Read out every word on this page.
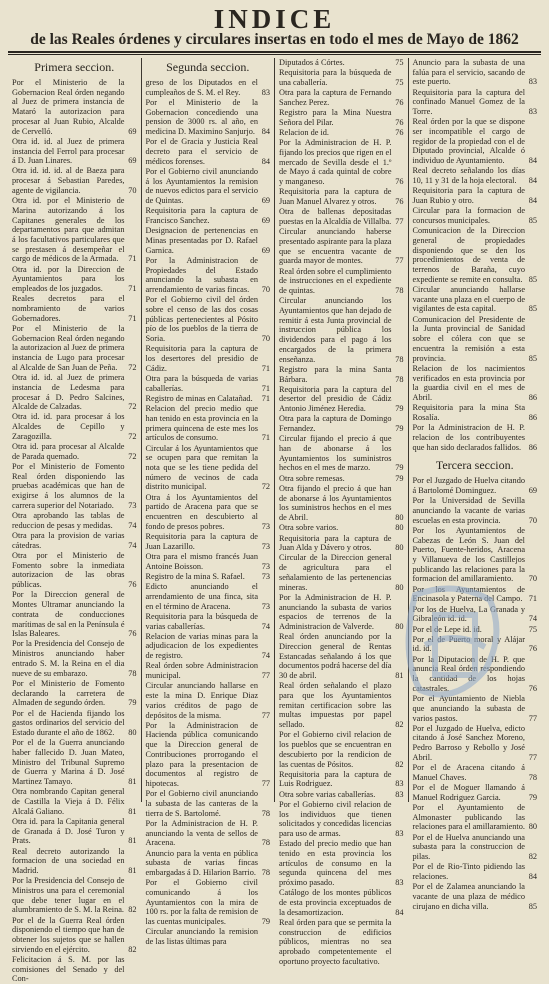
INDICE
de las Reales órdenes y circulares insertas en todo el mes de Mayo de 1862
Primera seccion.
Por el Ministerio de la Gobernacion Real órden negando al Juez de primera instancia de Mataró la autorizacion para procesar al Juan Rubio, Alcalde de Cervelló.	69
Otra id. id. al Juez de primera instancia del Ferrol para procesar á D. Juan Linares.	69
Otra id. id. id. al de Baeza para procesar á Sebastian Paredes, agente de vigilancia.	70
Otra id. por el Ministerio de Marina autorizando á los Capitanes generales de los departamentos para que admitan á los facultativos particulares que se prestasen á desempeñar el cargo de médicos de la Armada.	71
Otra id. por la Direccion de Ayuntamientos para los empleados de los juzgados.	71
Reales decretos para el nombramiento de varios Gobernadores.	71
Por el Ministerio de la Gobernacion Real órden negando la autorizacion al Juez de primera instancia de Lugo para procesar al Alcalde de San Juan de Peña.	72
Otra id. id. al Juez de primera instancia de Ledesma para procesar á D. Pedro Salcines, Alcalde de Calzadas.	72
Otra id. id. para procesar á los Alcaldes de Cepillo y Zaragozilla.	72
Otra id. para procesar al Alcalde de Parada quemado.	72
Por el Ministerio de Fomento Real órden disponiendo las pruebas académicas que han de exigirse á los alumnos de la carrera superior del Notariado.	73
Otra aprobando las tablas de reduccion de pesas y medidas.	74
Otra para la provision de varias cátedras.	74
Otra por el Ministerio de Fomento sobre la inmediata autorizacion de las obras públicas.	76
Por la Direccion general de Montes Ultramar anunciando la contrata de conducciones marítimas de sal en la Península é Islas Baleares.	76
Por la Presidencia del Consejo de Ministros anunciando haber entrado S. M. la Reina en el dia nueve de su embarazo.	78
Por el Ministerio de Fomento declarando la carretera de Almaden de segundo órden.	79
Por el de Hacienda fijando los gastos ordinarios del servicio del Estado durante el año de 1862.	80
Por el de la Guerra anunciando haber fallecido D. Juan Mateo, Ministro del Tribunal Supremo de Guerra y Marina á D. José Martinez Tamayo.	81
Otra nombrando Capitan general de Castilla la Vieja á D. Félix Alcalá Galiano.	81
Otra id. para la Capitania general de Granada á D. José Turon y Prats.	81
Real decreto autorizando la formacion de una sociedad en Madrid.	81
Por la Presidencia del Consejo de Ministros una para el ceremonial que debe tener lugar en el alumbramiento de S. M. la Reina. 82
Por el de la Guerra Real órden disponiendo el tiempo que han de obtener los sujetos que se hallen sirviendo en el ejército.	82
Felicitacion á S. M. por las comisiones del Senado y del Con-
Segunda seccion.
greso de los Diputados en el cumpleaños de S. M. el Rey.	83
Por el Ministerio de la Gobernacion concediendo una pension de 3000 rs. al año, en medicina D. Maximino Sanjurjo. 84
Por el de Gracia y Justicia Real decreto para el servicio de médicos forenses.	84
Por el Gobierno civil anunciando á los Ayuntamientos la remision de nuevos edictos para el servicio de Quintas.	69
Requisitoria para la captura de Francisco Sanchez.	69
Designacion de pertenencias en Minas presentadas por D. Rafael Garnica.	69
Por la Administracion de Propiedades del Estado anunciando la subasta en arrendamiento de varias fincas.	70
Por el Gobierno civil del órden sobre el censo de las dos cosas públicas pertenecientes al Pósito pío de los pueblos de la tierra de Soria.	70
Requisitoria para la captura de los desertores del presidio de Cádiz.	71
Otra para la búsqueda de varias caballerías.	71
Registro de minas en Calatañad.	71
Relacion del precio medio que han tenido en esta provincia en la primera quincena de este mes los artículos de consumo.	71
Circular á los Ayuntamientos que se ocupen para que remitan la nota que se les tiene pedida del número de vecinos de cada distrito municipal.	72
Otra á los Ayuntamientos del partido de Aracena para que se encuentren en descubierto al fondo de presos pobres.	73
Requisitoria para la captura de Juan Lazarillo.	73
Otra para el mismo francés Juan Antoine Boisson.	73
Registro de la mina S. Rafael.	73
Edicto anunciando el arrendamiento de una finca, sita en el término de Aracena.	73
Requisitoria para la búsqueda de varias caballerías.	74
Relacion de varias minas para la adjudicacion de los expedientes de registro.	74
Real órden sobre Administracion municipal.	77
Circular anunciando hallarse en este la mina D. Enrique Diaz varios créditos de pago de depósitos de la misma.	77
Por la Administracion de Hacienda pública comunicando que la Direccion general de Contribuciones prorrogando el plazo para la presentacion de documentos al registro de hipotecas.	77
Por el Gobierno civil anunciando la subasta de las canteras de la tierra de S. Bartolomé.	78
Por la Administracion de H. P. anunciando la venta de sellos de Aracena.	78
Anuncio para la venta en pública subasta de varias fincas embargadas á D. Hilarion Barrio. 78
Por el Gobierno civil comunicando á los Ayuntamientos con la mira de 100 rs. por la falta de remision de las cuentas municipales.	79
Circular anunciando la remision de las listas últimas para
Diputados á Córtes.	75
Requisitoria para la búsqueda de una caballería.	75
Otra para la captura de Fernando Sanchez Perez.	76
Registro para la Mina Nuestra Señora del Pilar.	76
Relacion de id.	76
Por la Administracion de H. P. fijando los precios que rigen en el mercado de Sevilla desde el 1.º de Mayo á cada quintal de cobre y manganeso.	76
Requisitoria para la captura de Juan Manuel Alvarez y otros.	76
Otra de ballenas depositadas puestas en la Alcaldía de Villalba. 77
Circular anunciando haberse presentado aspirante para la plaza que se encuentra vacante de guarda mayor de montes.	77
Real órden sobre el cumplimiento de instrucciones en el expediente de quintas.	78
Circular anunciando los Ayuntamientos que han dejado de remitir á esta Junta provincial de instruccion pública los dividendos para el pago á los encargados de la primera enseñanza.	78
Registro para la mina Santa Bárbara.	78
Requisitoria para la captura del desertor del presidio de Cádiz Antonio Jiménez Heredia.	79
Otra para la captura de Domingo Fernandez.	79
Circular fijando el precio á que han de abonarse á los Ayuntamientos los suministros hechos en el mes de marzo.	79
Otra sobre remesas.	79
Otra fijando el precio á que han de abonarse á los Ayuntamientos los suministros hechos en el mes de Abril.	80
Otra sobre varios.	80
Requisitoria para la captura de Juan Alda y Dávero y otros.	80
Circular de la Direccion general de agricultura para el señalamiento de las pertenencias mineras.	80
Por la Administracion de H. P. anunciando la subasta de varios espacios de terrenos de la Administracion de Valverde.	80
Real órden anunciando por la Direccion general de Rentas Estancadas señalando á los que documentos podrá hacerse del día 30 de abril.	81
Real órden señalando el plazo para que los Ayuntamientos remitan certificacion sobre las multas impuestas por papel sellado.	82
Por el Gobierno civil relacion de los pueblos que se encuentran en descubierto por la rendicion de las cuentas de Pósitos.	82
Requisitoria para la captura de Luis Rodriguez.	83
Otra sobre varias caballerías.	83
Por el Gobierno civil relacion de los individuos que tienen solicitados y concedidas licencias para uso de armas.	83
Estado del precio medio que han tenido en esta provincia los artículos de consumo en la segunda quincena del mes próximo pasado.	83
Catálogo de los montes públicos de esta provincia exceptuados de la desamortizacion.	84
Real órden para que se permita la construccion de edificios públicos, mientras no sea aprobado competentemente el oportuno proyecto facultativo.
Anuncio para la subasta de una falúa para el servicio, sacando de este puerto.	83
Requisitoria para la captura del confinado Manuel Gomez de la Torre.	83
Real órden por la que se dispone ser incompatible el cargo de regidor de la propiedad con el de Diputado provincial, Alcalde ó individuo de Ayuntamiento.	84
Real decreto señalando los días 10, 11 y 31 de la hoja electoral.	84
Requisitoria para la captura de Juan Rubio y otro.	84
Circular para la formacion de concursos municipales.	85
Comunicacion de la Direccion general de propiedades disponiendo que se den los procedimientos de venta de terrenos de Baraña, cuyo expediente se remite en consulta. 85
Circular anunciando hallarse vacante una plaza en el cuerpo de vigilantes de esta capital.	85
Comunicacion del Presidente de la Junta provincial de Sanidad sobre el cólera con que se encuentra la remisión a esta provincia.	85
Relacion de los nacimientos verificados en esta provincia por la guardia civil en el mes de Abril.	86
Requisitoria para la mina Sta Rosalía.	86
Por la Administracion de H. P. relacion de los contribuyentes que han sido declarados fallidos. 86
Tercera seccion.
Por el Juzgado de Huelva citando á Bartolomé Dominguez.	69
Por la Universidad de Sevilla anunciando la vacante de varias escuelas en esta provincia.	70
Por los Ayuntamientos de Cabezas de León S. Juan del Puerto, Fuente-heridos, Aracena y Villanueva de los Castillejos publicando las relaciones para la formacion del amillaramiento.	70
Por los Ayuntamientos de Encinasola y Paterna del Campo. 71
Por los de Huelva, La Granada y Gibraleón id. id.	74
Por el de Lepe id. id.	75
Por el de Puerto moral y Alájar id. id.	76
Por la Diputacion de H. P. que anuncia Real órden respondiendo la cantidad de los hojas catastrales.	76
Por el Ayuntamiento de Niebla que anunciando la subasta de varios pastos.	77
Por el Juzgado de Huelva, edicto citando á José Sanchez Moreno, Pedro Barroso y Rebollo y José Abril.	77
Por el de Aracena citando á Manuel Chaves.	78
Por el de Moguer llamando á Manuel Rodriguez Garcia.	79
Por el Ayuntamiento de Almonaster publicando las relaciones para el amillaramiento. 80
Por el de Huelva anunciando una subasta para la construccion de pilas.	82
Por el de Rio-Tinto pidiendo las relaciones.	84
Por el de Zalamea anunciando la vacante de una plaza de médico cirujano en dicha villa.	85
